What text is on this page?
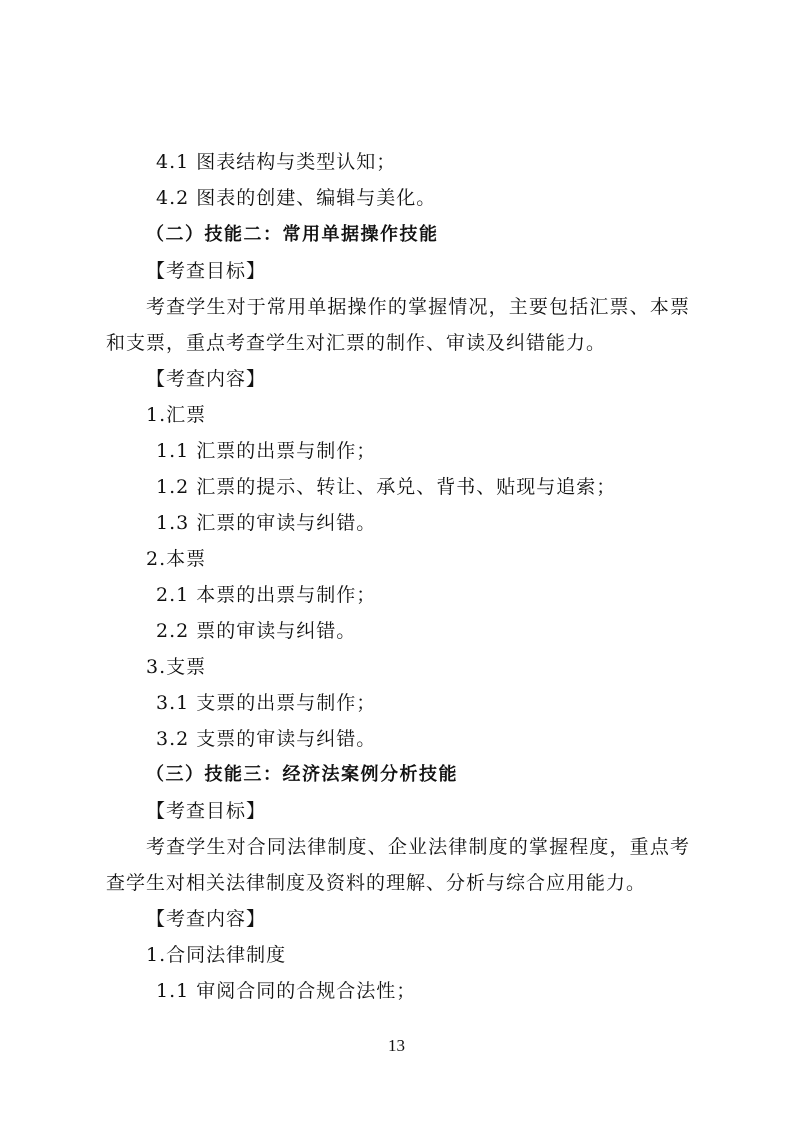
4.1 图表结构与类型认知；
4.2 图表的创建、编辑与美化。
（二）技能二：常用单据操作技能
【考查目标】
考查学生对于常用单据操作的掌握情况，主要包括汇票、本票和支票，重点考查学生对汇票的制作、审读及纠错能力。
【考查内容】
1.汇票
1.1 汇票的出票与制作；
1.2 汇票的提示、转让、承兑、背书、贴现与追索；
1.3 汇票的审读与纠错。
2.本票
2.1 本票的出票与制作；
2.2 票的审读与纠错。
3.支票
3.1 支票的出票与制作；
3.2 支票的审读与纠错。
（三）技能三：经济法案例分析技能
【考查目标】
考查学生对合同法律制度、企业法律制度的掌握程度，重点考查学生对相关法律制度及资料的理解、分析与综合应用能力。
【考查内容】
1.合同法律制度
1.1 审阅合同的合规合法性；
13
